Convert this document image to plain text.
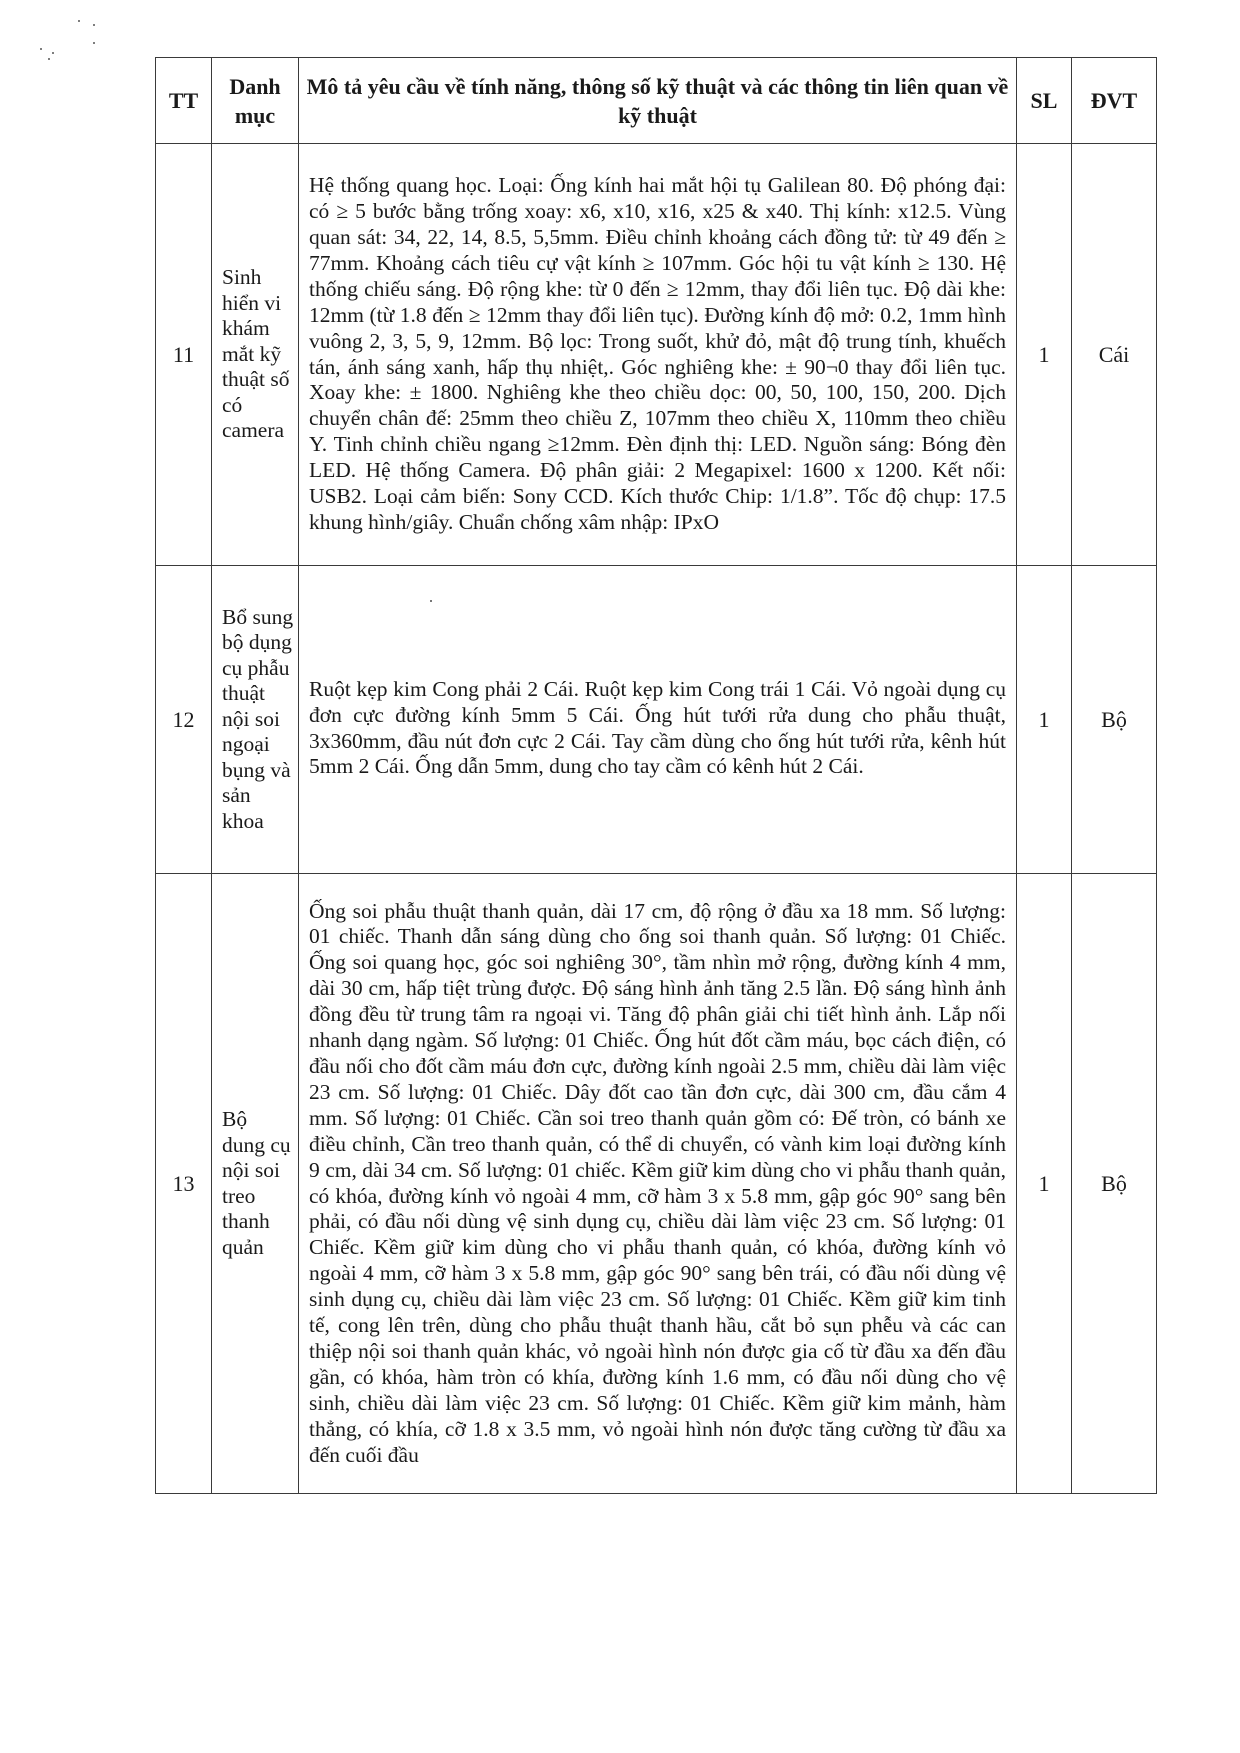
TT	Danh mục	Mô tả yêu cầu về tính năng, thông số kỹ thuật và các thông tin liên quan về kỹ thuật	SL	ĐVT
11	Sinh hiển vi khám mắt kỹ thuật số có camera	Hệ thống quang học. Loại: Ống kính hai mắt hội tụ Galilean 80. Độ phóng đại: có ≥ 5 bước bằng trống xoay: x6, x10, x16, x25 & x40. Thị kính: x12.5. Vùng quan sát: 34, 22, 14, 8.5, 5,5mm. Điều chỉnh khoảng cách đồng tử: từ 49 đến ≥ 77mm. Khoảng cách tiêu cự vật kính ≥ 107mm. Góc hội tu vật kính ≥ 130. Hệ thống chiếu sáng. Độ rộng khe: từ 0 đến ≥ 12mm, thay đổi liên tục. Độ dài khe: 12mm (từ 1.8 đến ≥ 12mm thay đổi liên tục). Đường kính độ mở: 0.2, 1mm hình vuông 2, 3, 5, 9, 12mm. Bộ lọc: Trong suốt, khử đỏ, mật độ trung tính, khuếch tán, ánh sáng xanh, hấp thụ nhiệt,. Góc nghiêng khe: ± 90¬0 thay đổi liên tục. Xoay khe: ± 1800. Nghiêng khe theo chiều dọc: 00, 50, 100, 150, 200. Dịch chuyển chân đế: 25mm theo chiều Z, 107mm theo chiều X, 110mm theo chiều Y. Tinh chỉnh chiều ngang ≥12mm. Đèn định thị: LED. Nguồn sáng: Bóng đèn LED. Hệ thống Camera. Độ phân giải: 2 Megapixel: 1600 x 1200. Kết nối: USB2. Loại cảm biến: Sony CCD. Kích thước Chip: 1/1.8”. Tốc độ chụp: 17.5 khung hình/giây. Chuẩn chống xâm nhập: IPxO	1	Cái
12	Bổ sung bộ dụng cụ phẫu thuật nội soi ngoại bụng và sản khoa	Ruột kẹp kim Cong phải 2 Cái. Ruột kẹp kim Cong trái 1 Cái. Vỏ ngoài dụng cụ đơn cực đường kính 5mm 5 Cái. Ống hút tưới rửa dung cho phẫu thuật, 3x360mm, đầu nút đơn cực 2 Cái. Tay cầm dùng cho ống hút tưới rửa, kênh hút 5mm 2 Cái. Ống dẫn 5mm, dung cho tay cầm có kênh hút 2 Cái.	1	Bộ
13	Bộ dung cụ nội soi treo thanh quản	Ống soi phẫu thuật thanh quản, dài 17 cm, độ rộng ở đầu xa 18 mm. Số lượng: 01 chiếc. Thanh dẫn sáng dùng cho ống soi thanh quản. Số lượng: 01 Chiếc. Ống soi quang học, góc soi nghiêng 30°, tầm nhìn mở rộng, đường kính 4 mm, dài 30 cm, hấp tiệt trùng được. Độ sáng hình ảnh tăng 2.5 lần. Độ sáng hình ảnh đồng đều từ trung tâm ra ngoại vi. Tăng độ phân giải chi tiết hình ảnh. Lắp nối nhanh dạng ngàm. Số lượng: 01 Chiếc. Ống hút đốt cầm máu, bọc cách điện, có đầu nối cho đốt cầm máu đơn cực, đường kính ngoài 2.5 mm, chiều dài làm việc 23 cm. Số lượng: 01 Chiếc. Dây đốt cao tần đơn cực, dài 300 cm, đầu cắm 4 mm. Số lượng: 01 Chiếc. Cần soi treo thanh quản gồm có: Đế tròn, có bánh xe điều chỉnh, Cần treo thanh quản, có thể di chuyển, có vành kim loại đường kính 9 cm, dài 34 cm. Số lượng: 01 chiếc. Kềm giữ kim dùng cho vi phẫu thanh quản, có khóa, đường kính vỏ ngoài 4 mm, cỡ hàm 3 x 5.8 mm, gập góc 90° sang bên phải, có đầu nối dùng vệ sinh dụng cụ, chiều dài làm việc 23 cm. Số lượng: 01 Chiếc. Kềm giữ kim dùng cho vi phẫu thanh quản, có khóa, đường kính vỏ ngoài 4 mm, cỡ hàm 3 x 5.8 mm, gập góc 90° sang bên trái, có đầu nối dùng vệ sinh dụng cụ, chiều dài làm việc 23 cm. Số lượng: 01 Chiếc. Kềm giữ kim tinh tế, cong lên trên, dùng cho phẫu thuật thanh hầu, cắt bỏ sụn phễu và các can thiệp nội soi thanh quản khác, vỏ ngoài hình nón được gia cố từ đầu xa đến đầu gần, có khóa, hàm tròn có khía, đường kính 1.6 mm, có đầu nối dùng cho vệ sinh, chiều dài làm việc 23 cm. Số lượng: 01 Chiếc. Kềm giữ kim mảnh, hàm thẳng, có khía, cỡ 1.8 x 3.5 mm, vỏ ngoài hình nón được tăng cường từ đầu xa đến cuối đầu	1	Bộ
